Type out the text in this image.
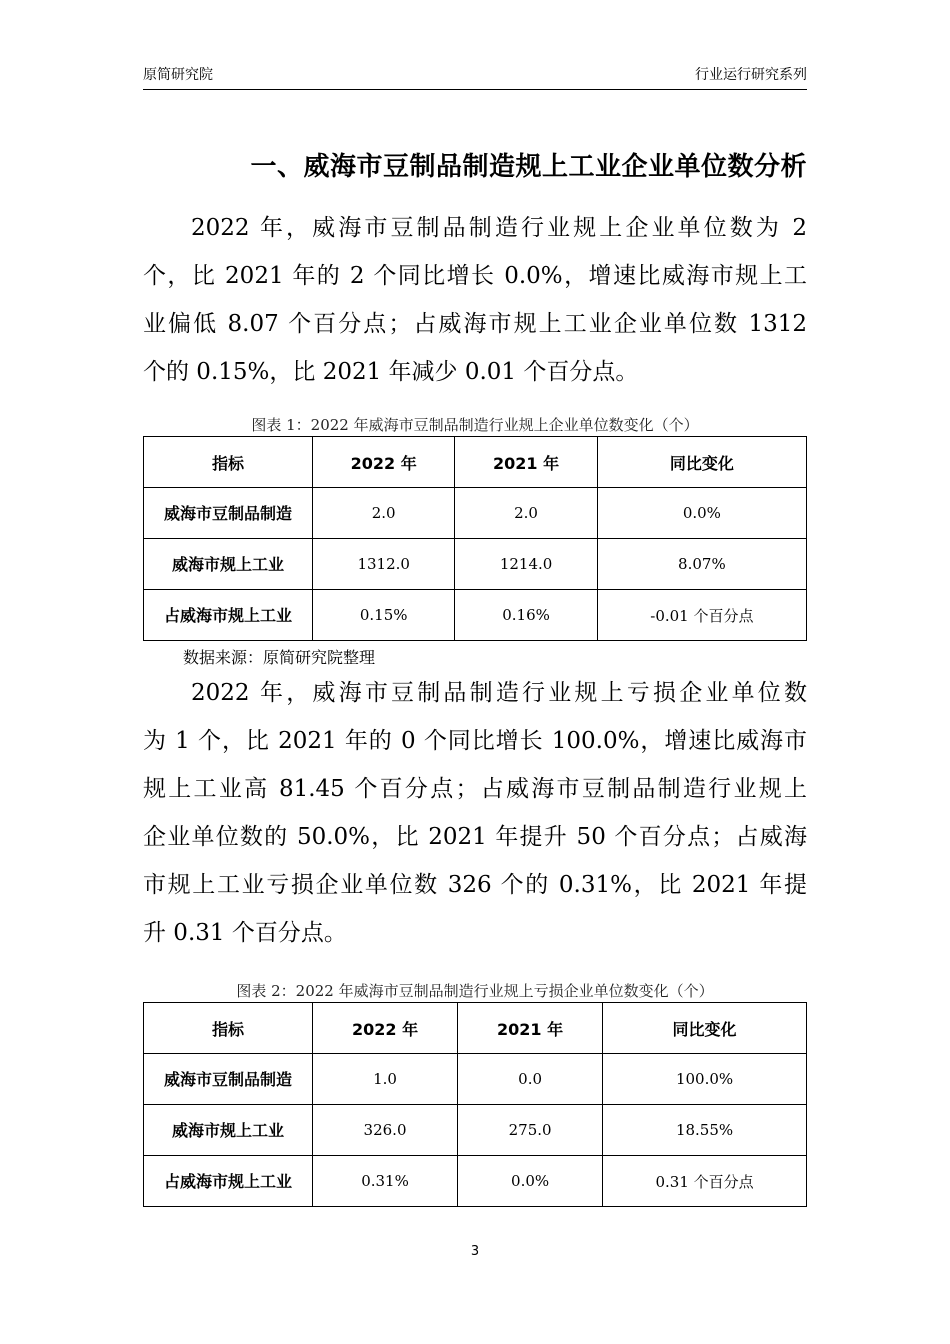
原简研究院	行业运行研究系列
一、威海市豆制品制造规上工业企业单位数分析
2022 年，威海市豆制品制造行业规上企业单位数为 2
个，比 2021 年的 2 个同比增长 0.0%，增速比威海市规上工
业偏低 8.07 个百分点；占威海市规上工业企业单位数 1312
个的 0.15%，比 2021 年减少 0.01 个百分点。
图表 1：2022 年威海市豆制品制造行业规上企业单位数变化（个）
指标	2022 年	2021 年	同比变化
威海市豆制品制造	2.0	2.0	0.0%
威海市规上工业	1312.0	1214.0	8.07%
占威海市规上工业	0.15%	0.16%	-0.01 个百分点
数据来源：原简研究院整理
2022 年，威海市豆制品制造行业规上亏损企业单位数
为 1 个，比 2021 年的 0 个同比增长 100.0%，增速比威海市
规上工业高 81.45 个百分点；占威海市豆制品制造行业规上
企业单位数的 50.0%，比 2021 年提升 50 个百分点；占威海
市规上工业亏损企业单位数 326 个的 0.31%，比 2021 年提
升 0.31 个百分点。
图表 2：2022 年威海市豆制品制造行业规上亏损企业单位数变化（个）
指标	2022 年	2021 年	同比变化
威海市豆制品制造	1.0	0.0	100.0%
威海市规上工业	326.0	275.0	18.55%
占威海市规上工业	0.31%	0.0%	0.31 个百分点
3
